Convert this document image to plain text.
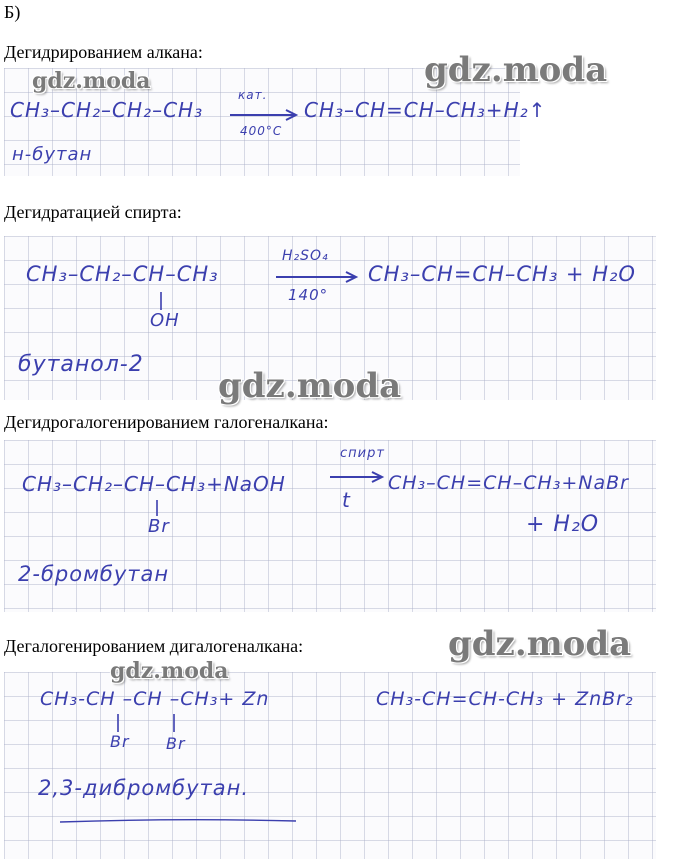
Б)
Дегидрированием алкана:
CH₃–CH₂–CH₂–CH₃
кат.
400°C
CH₃–CH=CH–CH₃+H₂↑
н-бутан
Дегидратацией спирта:
CH₃–CH₂–CH–CH₃
OH
H₂SO₄
140°
CH₃–CH=CH–CH₃ + H₂O
бутанол-2
Дегидрогалогенированием галогеналкана:
CH₃–CH₂–CH–CH₃+NaOH
Br
спирт
t
CH₃–CH=CH–CH₃+NaBr
+ H₂O
2-бромбутан
Дегалогенированием дигалогеналкана:
CH₃-CH –CH –CH₃+ Zn
Br Br
CH₃-CH=CH-CH₃ + ZnBr₂
2,3-дибромбутан.
gdz.moda	gdz.moda
gdz.moda
gdz.moda
gdz.moda
